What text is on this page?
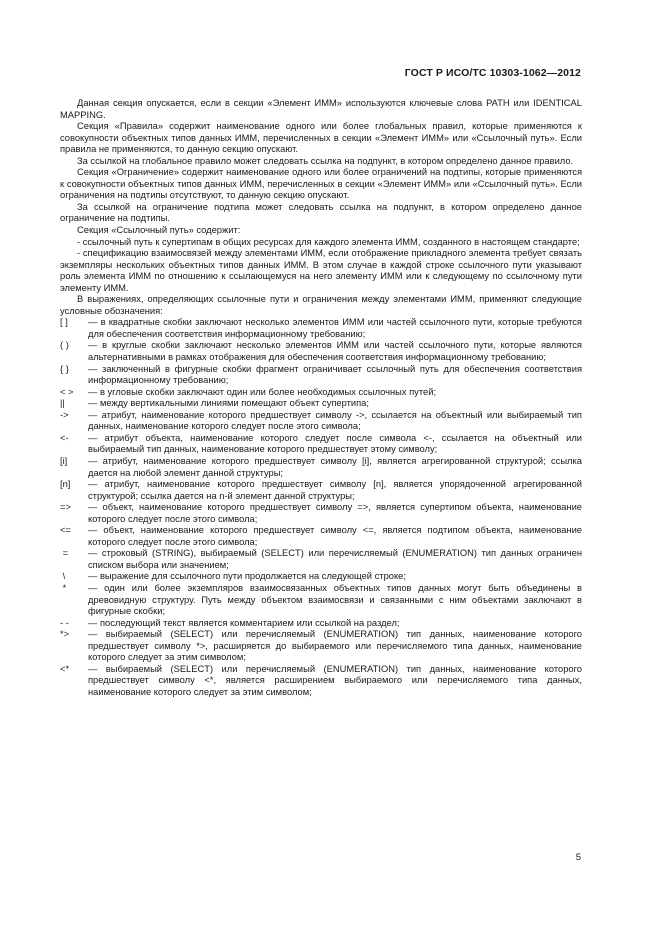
ГОСТ Р ИСО/ТС 10303-1062—2012

Данная секция опускается, если в секции «Элемент ИММ» используются ключевые слова PATH или IDENTICAL MAPPING.

Секция «Правила» содержит наименование одного или более глобальных правил, которые применяются к совокупности объектных типов данных ИММ, перечисленных в секции «Элемент ИММ» или «Ссылочный путь». Если правила не применяются, то данную секцию опускают.

За ссылкой на глобальное правило может следовать ссылка на подпункт, в котором определено данное правило.

Секция «Ограничение» содержит наименование одного или более ограничений на подтипы, которые применяются к совокупности объектных типов данных ИММ, перечисленных в секции «Элемент ИММ» или «Ссылочный путь». Если ограничения на подтипы отсутствуют, то данную секцию опускают.

За ссылкой на ограничение подтипа может следовать ссылка на подпункт, в котором определено данное ограничение на подтипы.

Секция «Ссылочный путь» содержит:

- ссылочный путь к супертипам в общих ресурсах для каждого элемента ИММ, созданного в настоящем стандарте;

- спецификацию взаимосвязей между элементами ИММ, если отображение прикладного элемента требует связать экземпляры нескольких объектных типов данных ИММ. В этом случае в каждой строке ссылочного пути указывают роль элемента ИММ по отношению к ссылающемуся на него элементу ИММ или к следующему по ссылочному пути элементу ИММ.

В выражениях, определяющих ссылочные пути и ограничения между элементами ИММ, применяют следующие условные обозначения:

[ ]	— в квадратные скобки заключают несколько элементов ИММ или частей ссылочного пути, которые требуются для обеспечения соответствия информационному требованию;
( )	— в круглые скобки заключают несколько элементов ИММ или частей ссылочного пути, которые являются альтернативными в рамках отображения для обеспечения соответствия информационному требованию;
{ }	— заключенный в фигурные скобки фрагмент ограничивает ссылочный путь для обеспечения соответствия информационному требованию;
< >	— в угловые скобки заключают один или более необходимых ссылочных путей;
||	— между вертикальными линиями помещают объект супертипа;
->	— атрибут, наименование которого предшествует символу ->, ссылается на объектный или выбираемый тип данных, наименование которого следует после этого символа;
<-	— атрибут объекта, наименование которого следует после символа <-, ссылается на объектный или выбираемый тип данных, наименование которого предшествует этому символу;
[i]	— атрибут, наименование которого предшествует символу [i], является агрегированной структурой; ссылка дается на любой элемент данной структуры;
[n]	— атрибут, наименование которого предшествует символу [n], является упорядоченной агрегированной структурой; ссылка дается на n-й элемент данной структуры;
=>	— объект, наименование которого предшествует символу =>, является супертипом объекта, наименование которого следует после этого символа;
<=	— объект, наименование которого предшествует символу <=, является подтипом объекта, наименование которого следует после этого символа;
=	— строковый (STRING), выбираемый (SELECT) или перечисляемый (ENUMERATION) тип данных ограничен списком выбора или значением;
\	— выражение для ссылочного пути продолжается на следующей строке;
*	— один или более экземпляров взаимосвязанных объектных типов данных могут быть объединены в древовидную структуру. Путь между объектом взаимосвязи и связанными с ним объектами заключают в фигурные скобки;
- -	— последующий текст является комментарием или ссылкой на раздел;
*>	— выбираемый (SELECT) или перечисляемый (ENUMERATION) тип данных, наименование которого предшествует символу *>, расширяется до выбираемого или перечисляемого типа данных, наименование которого следует за этим символом;
<*	— выбираемый (SELECT) или перечисляемый (ENUMERATION) тип данных, наименование которого предшествует символу <*, является расширением выбираемого или перечисляемого типа данных, наименование которого следует за этим символом;
5
